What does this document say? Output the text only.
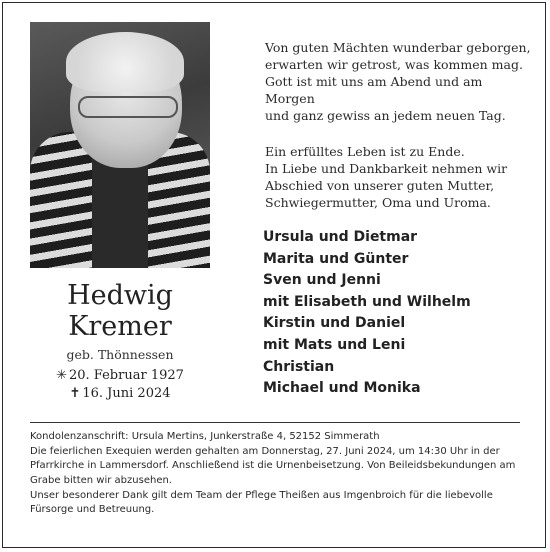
Hedwig
Kremer
geb. Thönnessen
✳ 20. Februar 1927
✝ 16. Juni 2024
Von guten Mächten wunderbar geborgen,
erwarten wir getrost, was kommen mag.
Gott ist mit uns am Abend und am Morgen
und ganz gewiss an jedem neuen Tag.
Ein erfülltes Leben ist zu Ende.
In Liebe und Dankbarkeit nehmen wir
Abschied von unserer guten Mutter,
Schwiegermutter, Oma und Uroma.
Ursula und Dietmar
Marita und Günter
Sven und Jenni
mit Elisabeth und Wilhelm
Kirstin und Daniel
mit Mats und Leni
Christian
Michael und Monika

Kondolenzanschrift: Ursula Mertins, Junkerstraße 4, 52152 Simmerath

Die feierlichen Exequien werden gehalten am Donnerstag, 27. Juni 2024, um 14:30 Uhr in der Pfarrkirche in Lammersdorf. Anschließend ist die Urnenbeisetzung. Von Beileidsbekundungen am Grabe bitten wir abzusehen.

Unser besonderer Dank gilt dem Team der Pflege Theißen aus Imgenbroich für die liebevolle Fürsorge und Betreuung.
